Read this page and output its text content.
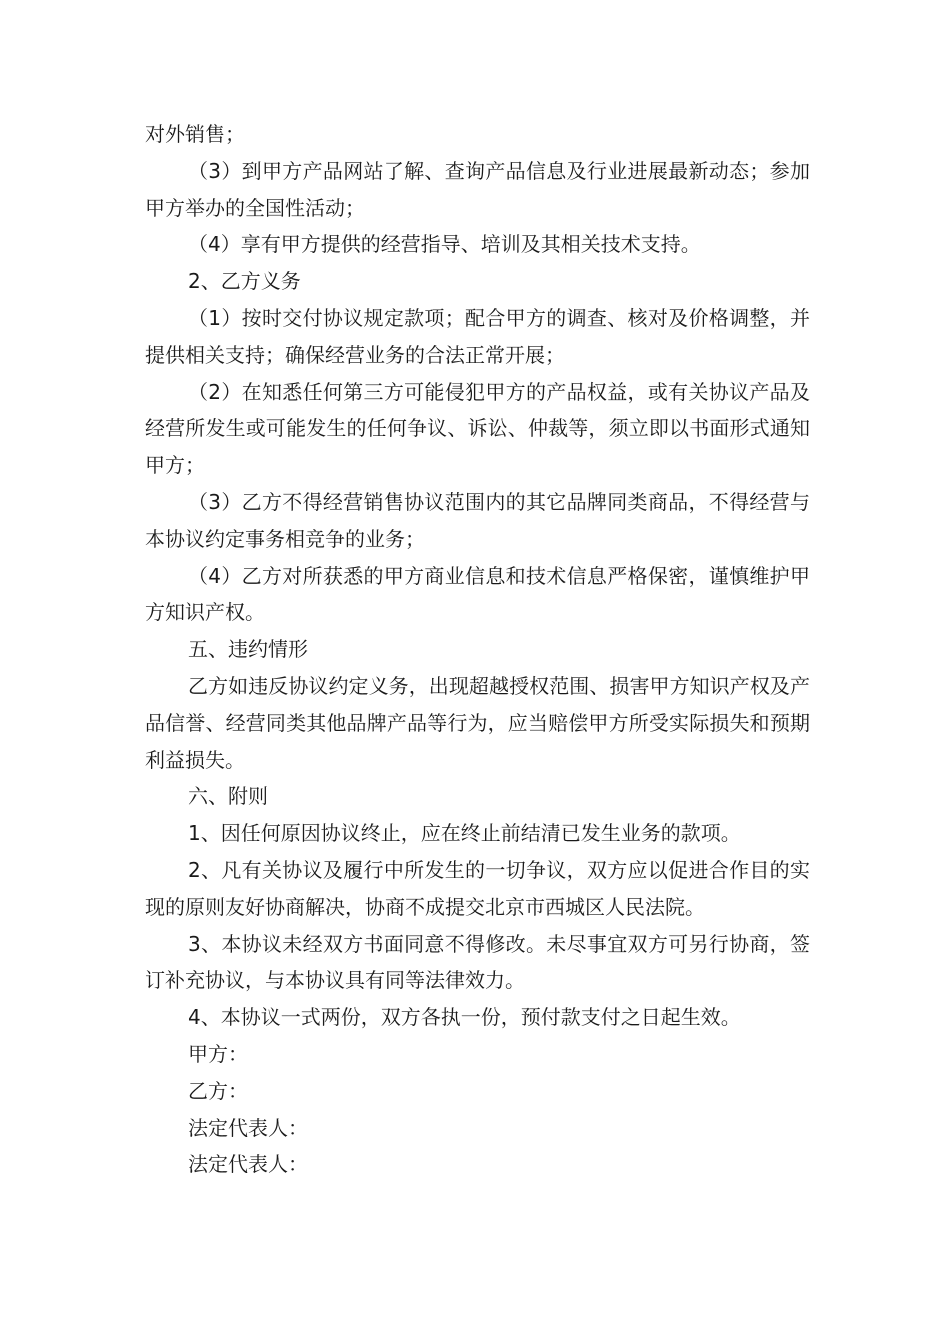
对外销售；

（3）到甲方产品网站了解、查询产品信息及行业进展最新动态；参加甲方举办的全国性活动；

（4）享有甲方提供的经营指导、培训及其相关技术支持。

2、乙方义务

（1）按时交付协议规定款项；配合甲方的调查、核对及价格调整，并提供相关支持；确保经营业务的合法正常开展；

（2）在知悉任何第三方可能侵犯甲方的产品权益，或有关协议产品及经营所发生或可能发生的任何争议、诉讼、仲裁等，须立即以书面形式通知甲方；

（3）乙方不得经营销售协议范围内的其它品牌同类商品，不得经营与本协议约定事务相竞争的业务；

（4）乙方对所获悉的甲方商业信息和技术信息严格保密，谨慎维护甲方知识产权。

五、违约情形

乙方如违反协议约定义务，出现超越授权范围、损害甲方知识产权及产品信誉、经营同类其他品牌产品等行为，应当赔偿甲方所受实际损失和预期利益损失。

六、附则

1、因任何原因协议终止，应在终止前结清已发生业务的款项。

2、凡有关协议及履行中所发生的一切争议，双方应以促进合作目的实现的原则友好协商解决，协商不成提交北京市西城区人民法院。

3、本协议未经双方书面同意不得修改。未尽事宜双方可另行协商，签订补充协议，与本协议具有同等法律效力。

4、本协议一式两份，双方各执一份，预付款支付之日起生效。

甲方：

乙方：

法定代表人：

法定代表人：
